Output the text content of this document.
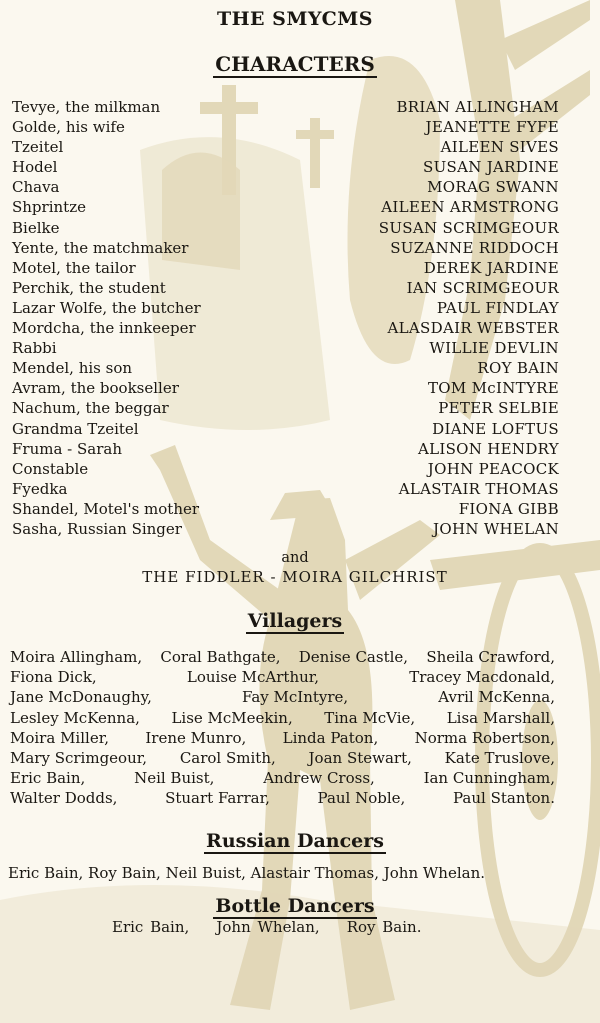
THE SMYCMS
CHARACTERS
Tevye, the milkman	BRIAN ALLINGHAM
Golde, his wife	JEANETTE FYFE
Tzeitel	AILEEN SIVES
Hodel	SUSAN JARDINE
Chava	MORAG SWANN
Shprintze	AILEEN ARMSTRONG
Bielke	SUSAN SCRIMGEOUR
Yente, the matchmaker	SUZANNE RIDDOCH
Motel, the tailor	DEREK JARDINE
Perchik, the student	IAN SCRIMGEOUR
Lazar Wolfe, the butcher	PAUL FINDLAY
Mordcha, the innkeeper	ALASDAIR WEBSTER
Rabbi	WILLIE DEVLIN
Mendel, his son	ROY BAIN
Avram, the bookseller	TOM McINTYRE
Nachum, the beggar	PETER SELBIE
Grandma Tzeitel	DIANE LOFTUS
Fruma - Sarah	ALISON HENDRY
Constable	JOHN PEACOCK
Fyedka	ALASTAIR THOMAS
Shandel, Motel's mother	FIONA GIBB
Sasha, Russian Singer	JOHN WHELAN
and
THE FIDDLER - MOIRA GILCHRIST
Villagers
Moira Allingham, Coral Bathgate, Denise Castle, Sheila Crawford,
Fiona Dick,	Louise McArthur,	Tracey Macdonald,
Jane McDonaughy,	Fay McIntyre,	Avril McKenna,
Lesley McKenna, Lise McMeekin, Tina McVie, Lisa Marshall,
Moira Miller, Irene Munro, Linda Paton, Norma Robertson,
Mary Scrimgeour, Carol Smith, Joan Stewart, Kate Truslove,
Eric Bain,	Neil Buist,	Andrew Cross,	Ian Cunningham,
Walter Dodds,	Stuart Farrar,	Paul Noble,	Paul Stanton.
Russian Dancers
Eric Bain, Roy Bain, Neil Buist, Alastair Thomas, John Whelan.
Bottle Dancers
Eric Bain, John Whelan, Roy Bain.
